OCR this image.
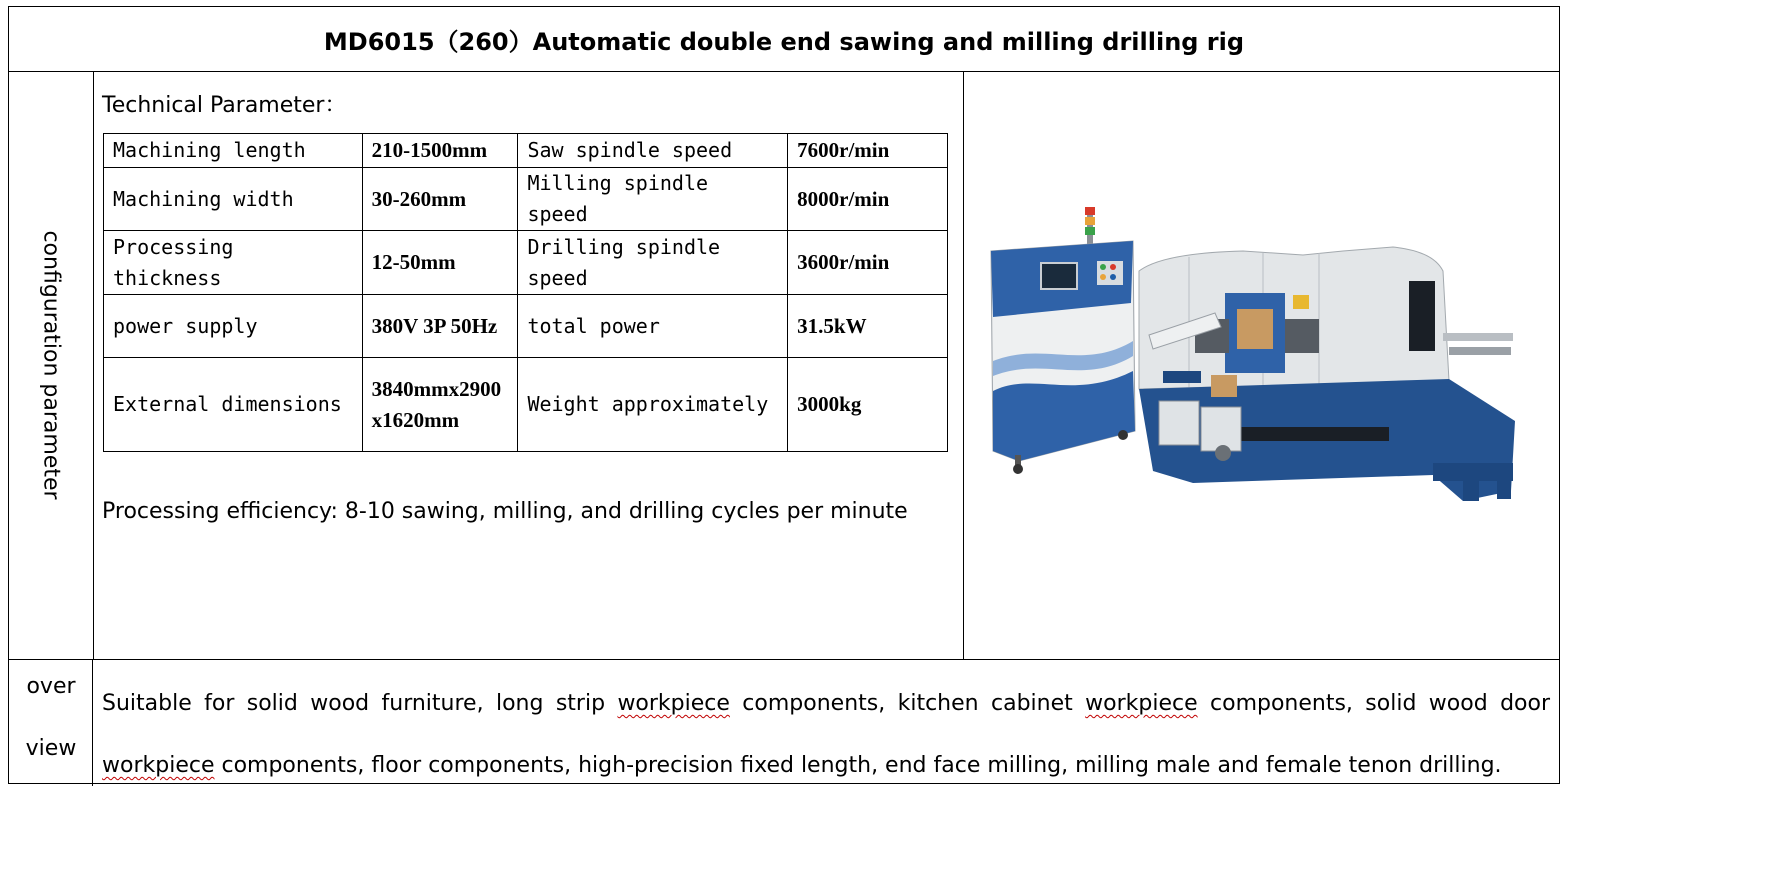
MD6015（260）Automatic double end sawing and milling drilling rig
configuration parameter
Technical Parameter：
Machining length	210-1500mm	Saw spindle speed	7600r/min
Machining width	30-260mm	Milling spindle speed	8000r/min
Processing thickness	12-50mm	Drilling spindle speed	3600r/min
power supply	380V 3P 50Hz	total power	31.5kW
External dimensions	3840mmx2900x1620mm	Weight approximately	3000kg
Processing efficiency: 8-10 sawing, milling, and drilling cycles per minute
over
view
Suitable for solid wood furniture, long strip workpiece components, kitchen cabinet workpiece components, solid wood door workpiece components, floor components, high-precision fixed length, end face milling, milling male and female tenon drilling.
